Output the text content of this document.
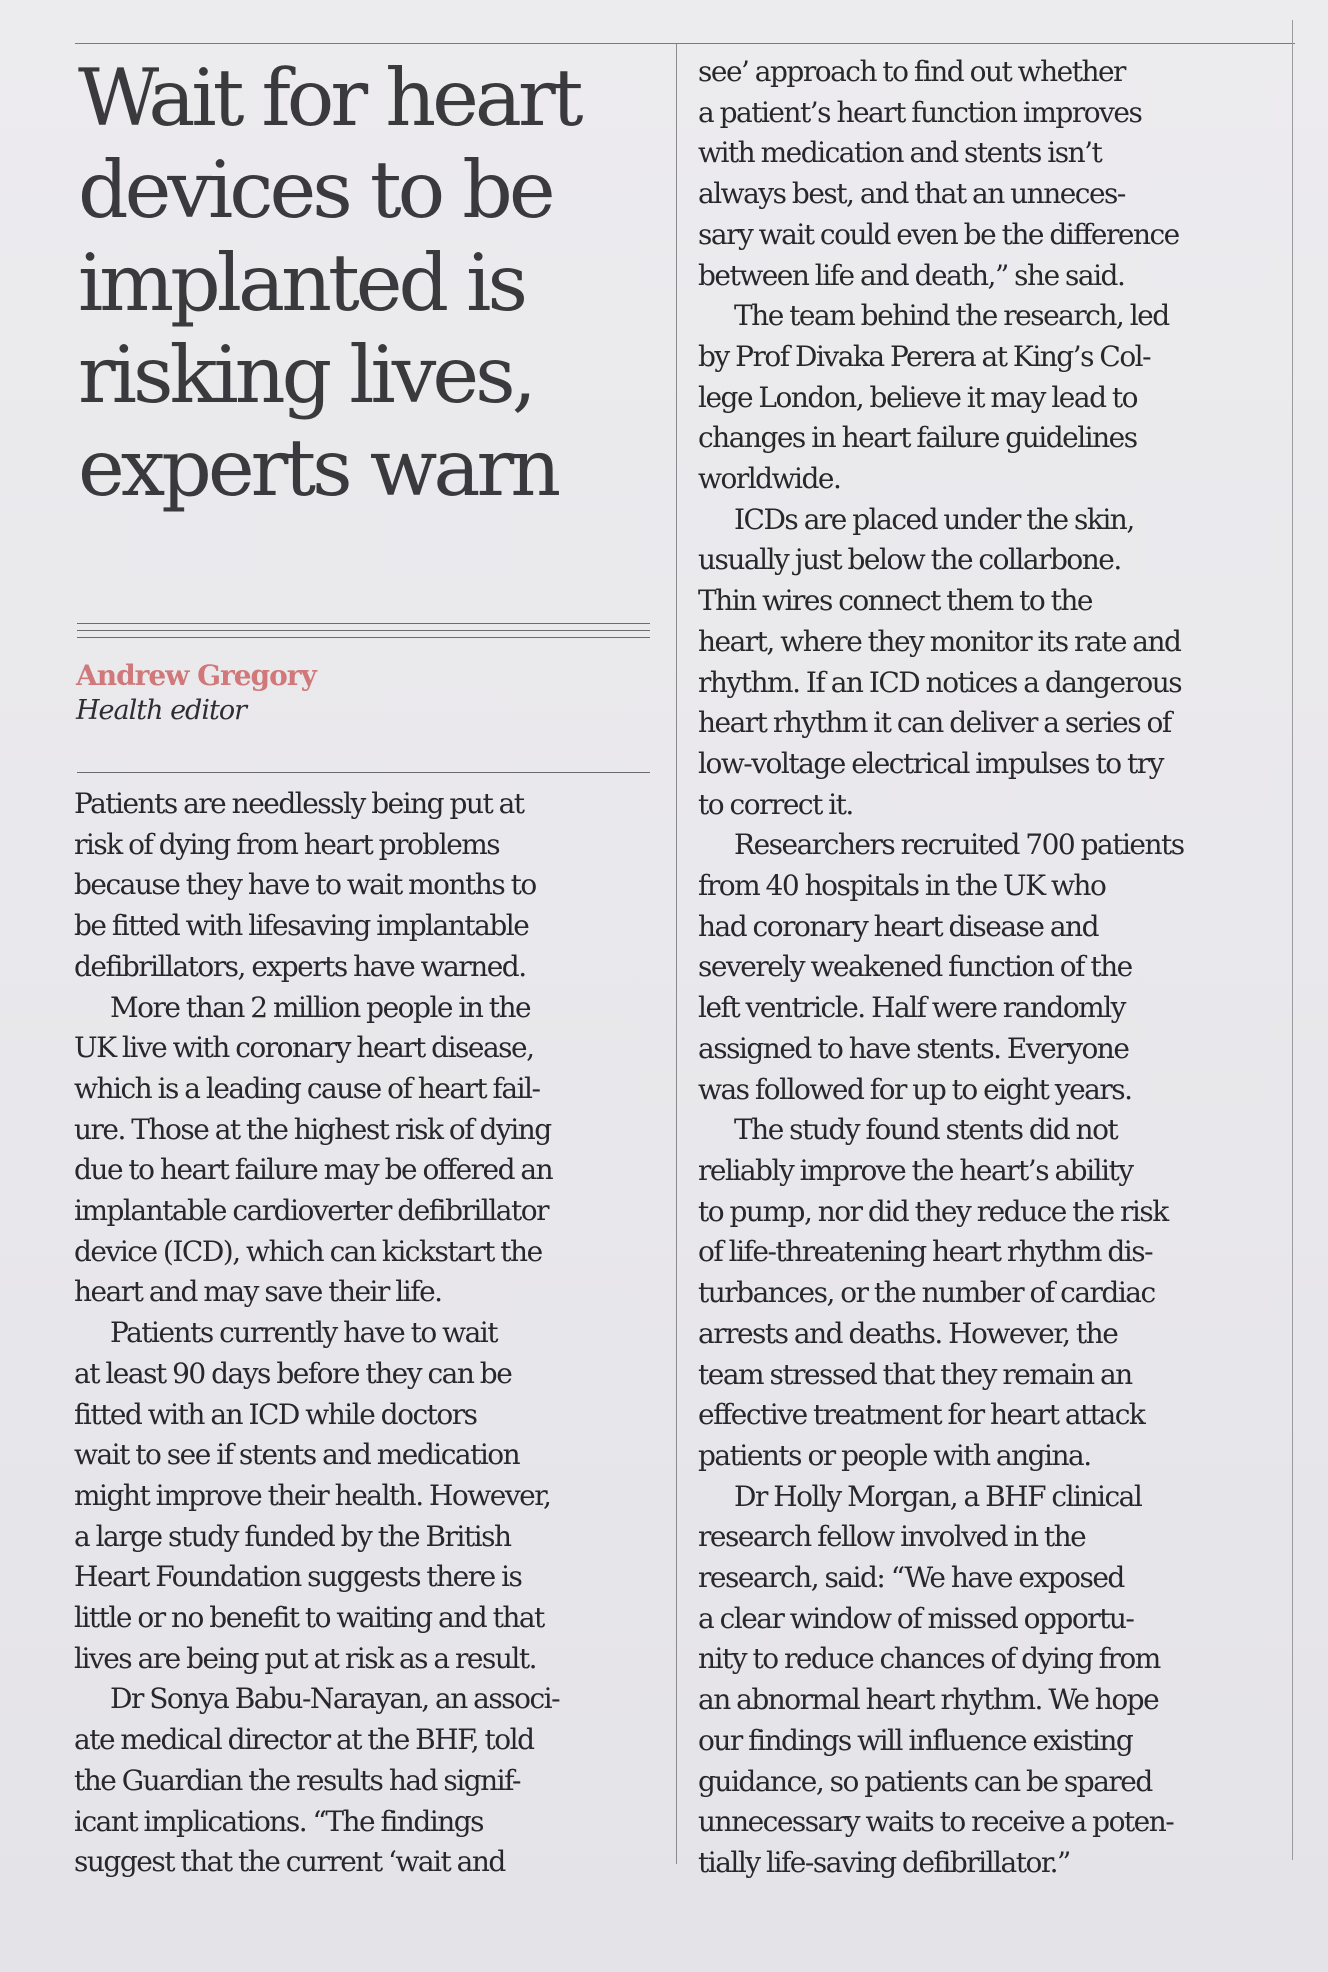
Wait for heart
devices to be
implanted is
risking lives,
experts warn
Andrew Gregory
Health editor
Patients are needlessly being put at
risk of dying from heart problems
because they have to wait months to
be fitted with lifesaving implantable
defibrillators, experts have warned.
More than 2 million people in the
UK live with coronary heart disease,
which is a leading cause of heart fail-
ure. Those at the highest risk of dying
due to heart failure may be offered an
implantable cardioverter defibrillator
device (ICD), which can kickstart the
heart and may save their life.
Patients currently have to wait
at least 90 days before they can be
fitted with an ICD while doctors
wait to see if stents and medication
might improve their health. However,
a large study funded by the British
Heart Foundation suggests there is
little or no benefit to waiting and that
lives are being put at risk as a result.
Dr Sonya Babu-Narayan, an associ-
ate medical director at the BHF, told
the Guardian the results had signif-
icant implications. “The findings
suggest that the current ‘wait and
see’ approach to find out whether
a patient’s heart function improves
with medication and stents isn’t
always best, and that an unneces-
sary wait could even be the difference
between life and death,” she said.
The team behind the research, led
by Prof Divaka Perera at King’s Col-
lege London, believe it may lead to
changes in heart failure guidelines
worldwide.
ICDs are placed under the skin,
usually just below the collarbone.
Thin wires connect them to the
heart, where they monitor its rate and
rhythm. If an ICD notices a dangerous
heart rhythm it can deliver a series of
low-voltage electrical impulses to try
to correct it.
Researchers recruited 700 patients
from 40 hospitals in the UK who
had coronary heart disease and
severely weakened function of the
left ventricle. Half were randomly
assigned to have stents. Everyone
was followed for up to eight years.
The study found stents did not
reliably improve the heart’s ability
to pump, nor did they reduce the risk
of life-threatening heart rhythm dis-
turbances, or the number of cardiac
arrests and deaths. However, the
team stressed that they remain an
effective treatment for heart attack
patients or people with angina.
Dr Holly Morgan, a BHF clinical
research fellow involved in the
research, said: “We have exposed
a clear window of missed opportu-
nity to reduce chances of dying from
an abnormal heart rhythm. We hope
our findings will influence existing
guidance, so patients can be spared
unnecessary waits to receive a poten-
tially life-saving defibrillator.”
